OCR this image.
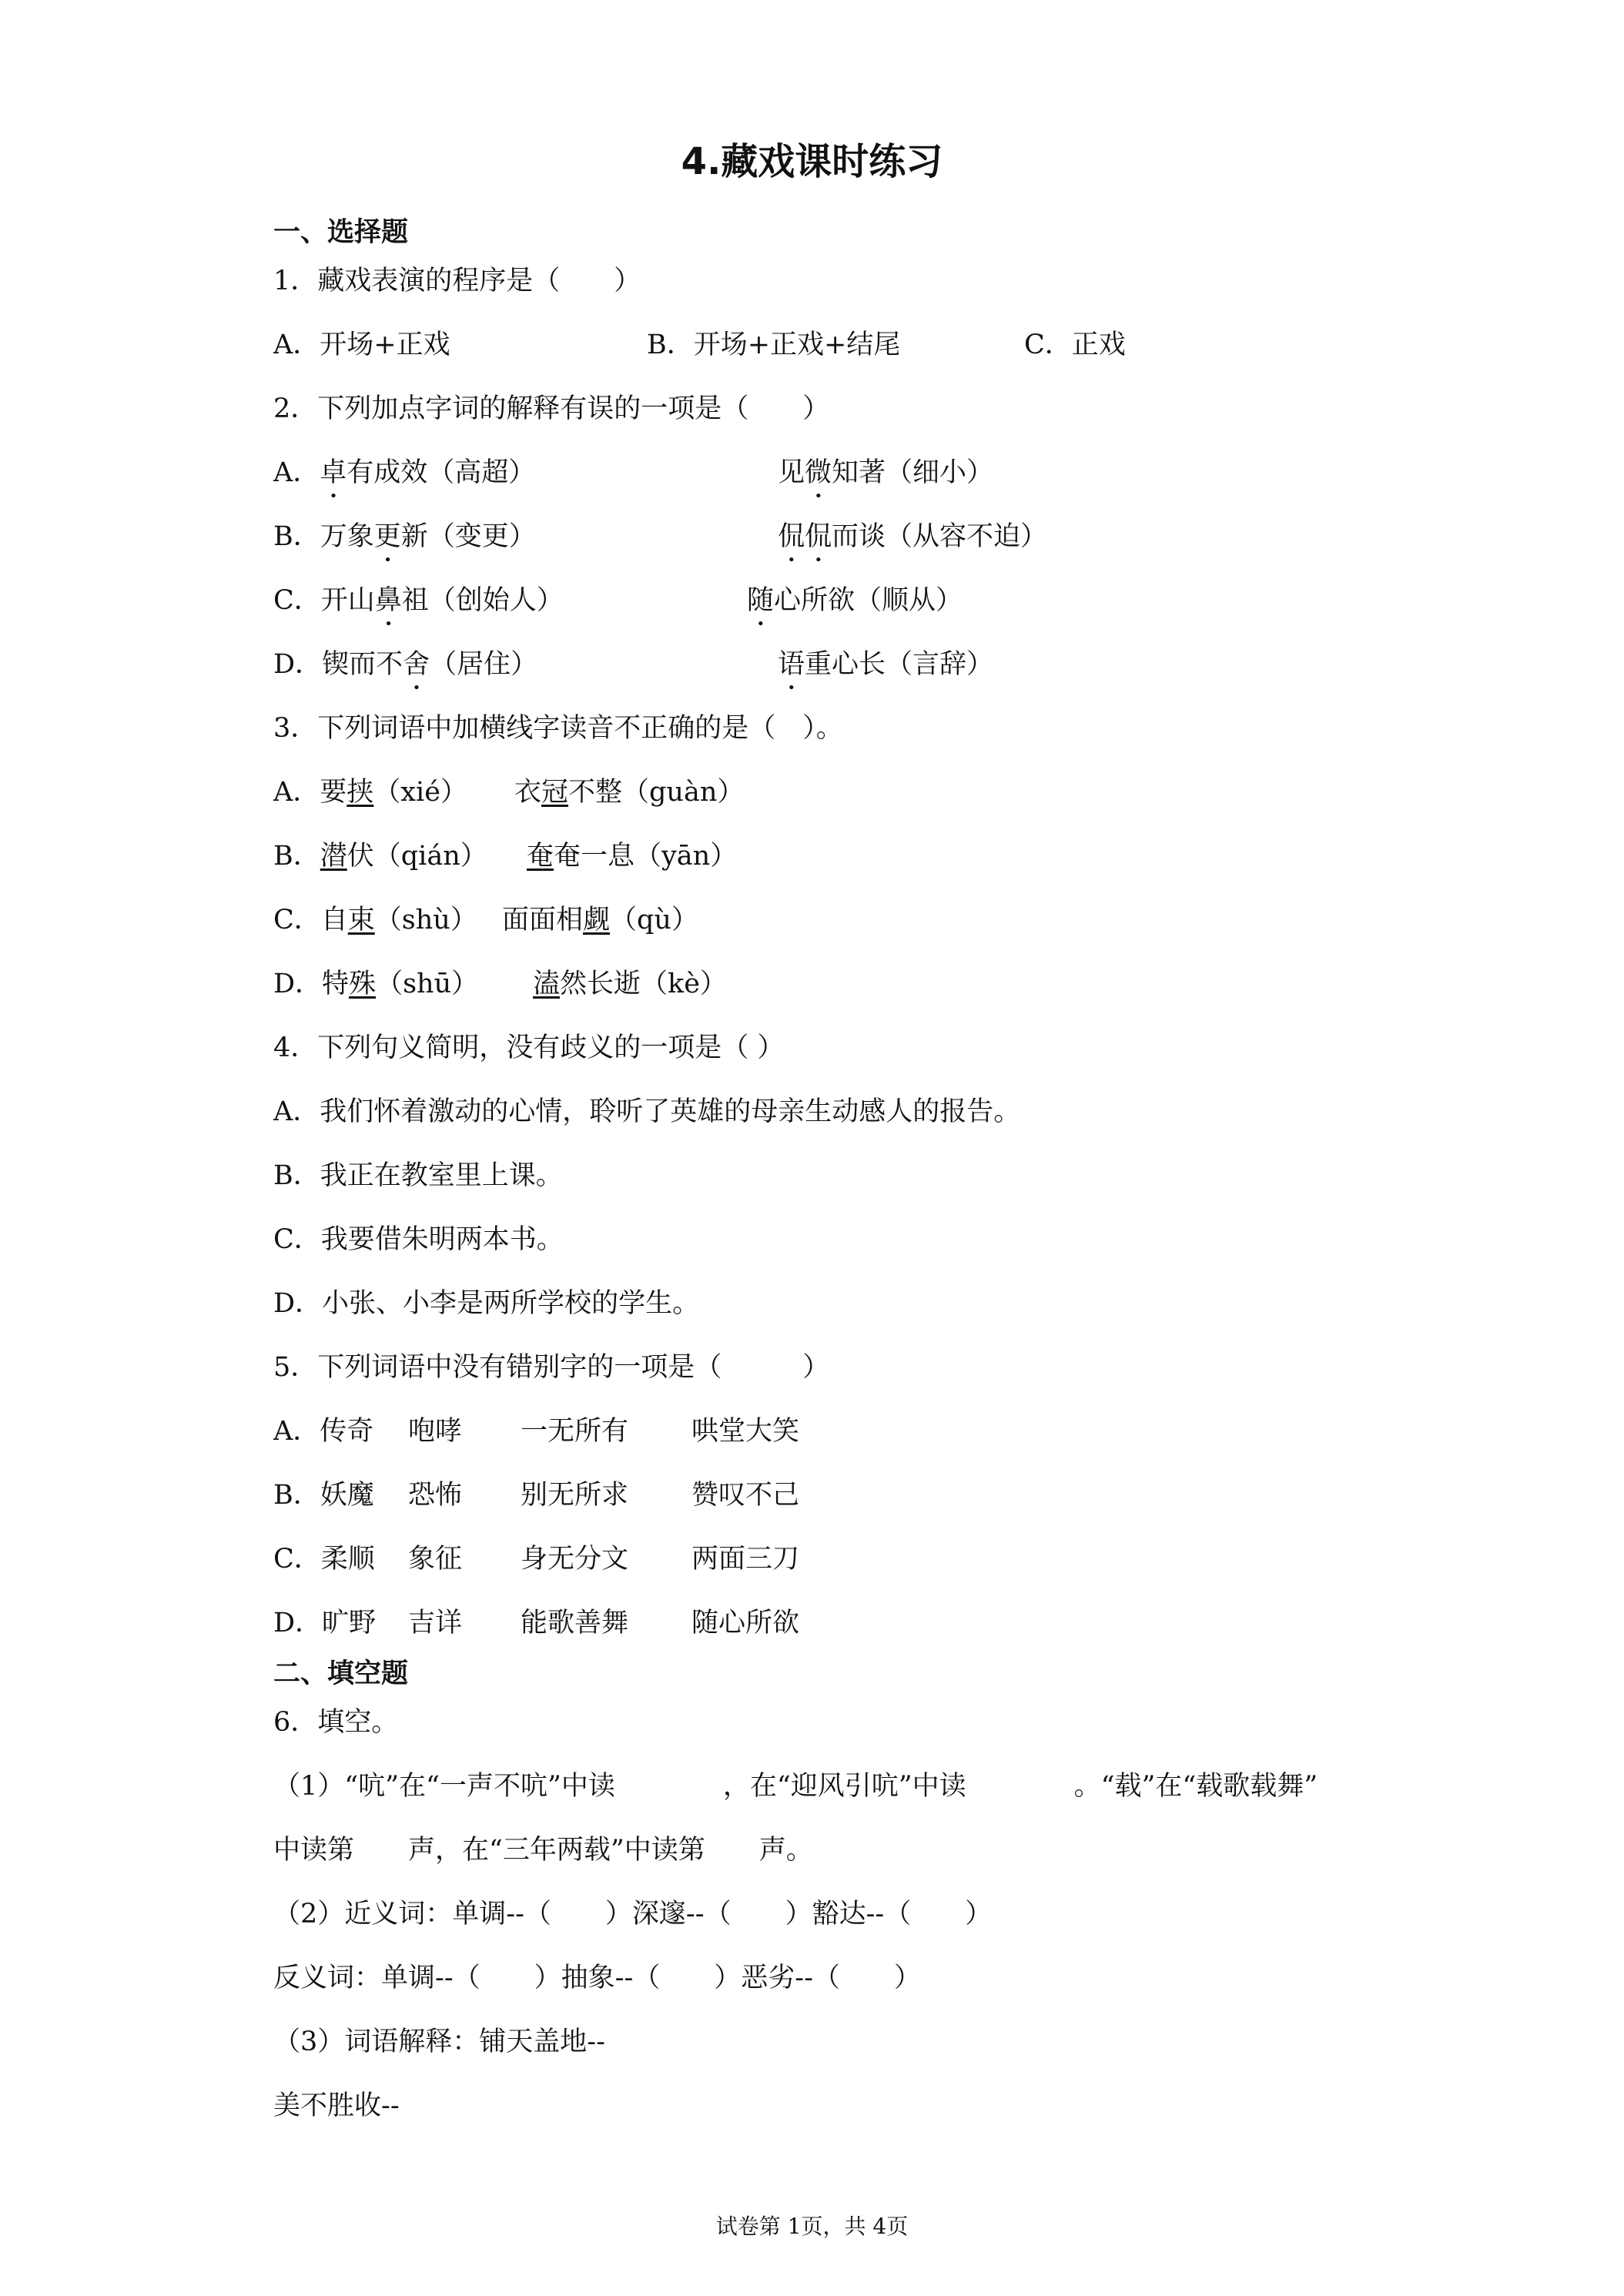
4.藏戏课时练习
一、选择题
1．藏戏表演的程序是（　　）
A．开场+正戏	B．开场+正戏+结尾	C．正戏
2．下列加点字词的解释有误的一项是（　　）
A．卓有成效（高超）	见微知著（细小）
B．万象更新（变更）	侃侃而谈（从容不迫）
C．开山鼻祖（创始人）	随心所欲（顺从）
D．锲而不舍（居住）	语重心长（言辞）
3．下列词语中加横线字读音不正确的是（　）。
A．要挟（xié） 衣冠不整（guàn）
B．潜伏（qián） 奄奄一息（yān）
C．自束（shù） 面面相觑（qù）
D．特殊（shū） 溘然长逝（kè）
4．下列句义简明，没有歧义的一项是（ ）
A．我们怀着激动的心情，聆听了英雄的母亲生动感人的报告。
B．我正在教室里上课。
C．我要借朱明两本书。
D．小张、小李是两所学校的学生。
5．下列词语中没有错别字的一项是（　　　）
A．传奇 咆哮 一无所有 哄堂大笑
B．妖魔 恐怖 别无所求 赞叹不己
C．柔顺 象征 身无分文 两面三刀
D．旷野 吉详 能歌善舞 随心所欲
二、填空题
6．填空。
（1）“吭”在“一声不吭”中读　　　　，在“迎风引吭”中读　　　　。“载”在“载歌载舞”
中读第　　声，在“三年两载”中读第　　声。
（2）近义词：单调--（　　）深邃--（　　）豁达--（　　）
反义词：单调--（　　）抽象--（　　）恶劣--（　　）
（3）词语解释：铺天盖地--
美不胜收--
试卷第 1页，共 4页
